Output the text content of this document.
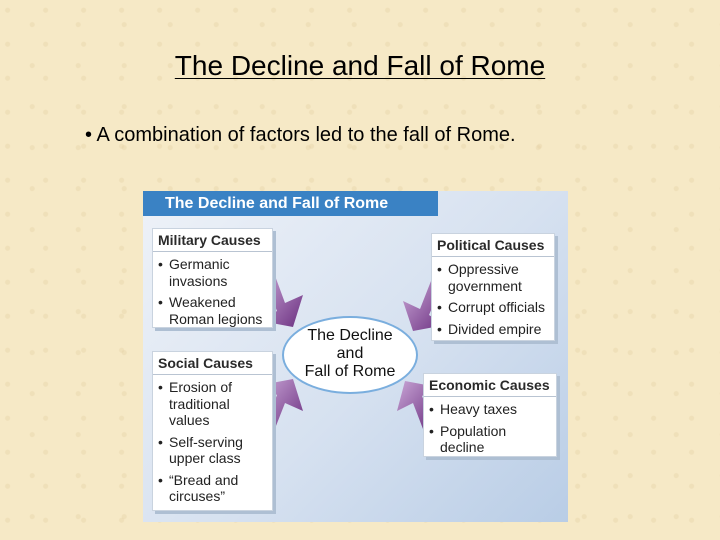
The Decline and Fall of Rome
• A combination of factors led to the fall of Rome.
The Decline and Fall of Rome
Military Causes
• Germanic invasions
• Weakened Roman legions
Political Causes
• Oppressive government
• Corrupt officials
• Divided empire
Social Causes
• Erosion of traditional values
• Self-serving upper class
• “Bread and circuses”
Economic Causes
• Heavy taxes
• Population decline
The Decline
and
Fall of Rome
